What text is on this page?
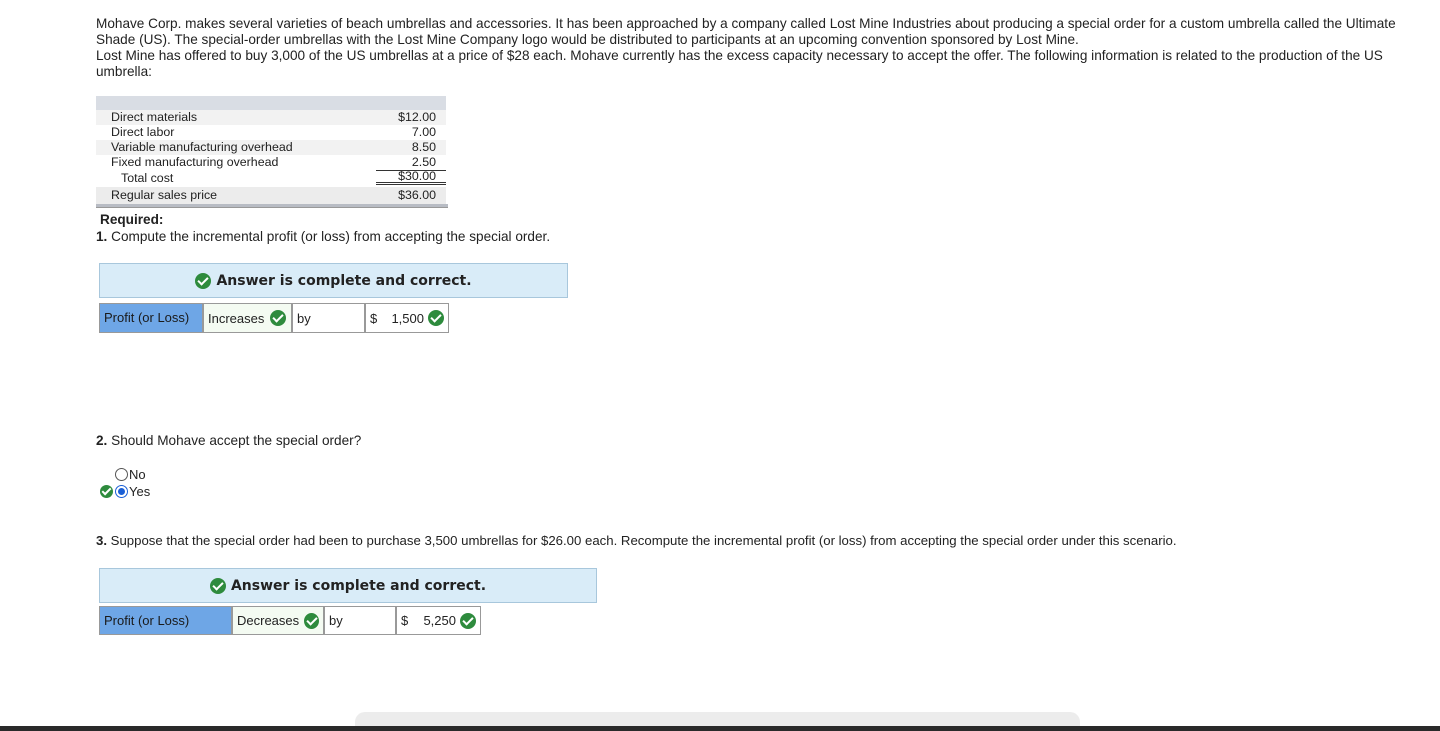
Mohave Corp. makes several varieties of beach umbrellas and accessories. It has been approached by a company called Lost Mine Industries about producing a special order for a custom umbrella called the Ultimate Shade (US). The special-order umbrellas with the Lost Mine Company logo would be distributed to participants at an upcoming convention sponsored by Lost Mine.

Lost Mine has offered to buy 3,000 of the US umbrellas at a price of $28 each. Mohave currently has the excess capacity necessary to accept the offer. The following information is related to the production of the US umbrella:

Direct materials	$12.00
Direct labor	7.00
Variable manufacturing overhead	8.50
Fixed manufacturing overhead	2.50
Total cost	$30.00
Regular sales price	$36.00
Required:
1. Compute the incremental profit (or loss) from accepting the special order.
Answer is complete and correct.
Profit (or Loss) Increases	by	$ 1,500
2. Should Mohave accept the special order?
No
Yes
3. Suppose that the special order had been to purchase 3,500 umbrellas for $26.00 each. Recompute the incremental profit (or loss) from accepting the special order under this scenario.
Answer is complete and correct.
Profit (or Loss)	Decreases by	$ 5,250
